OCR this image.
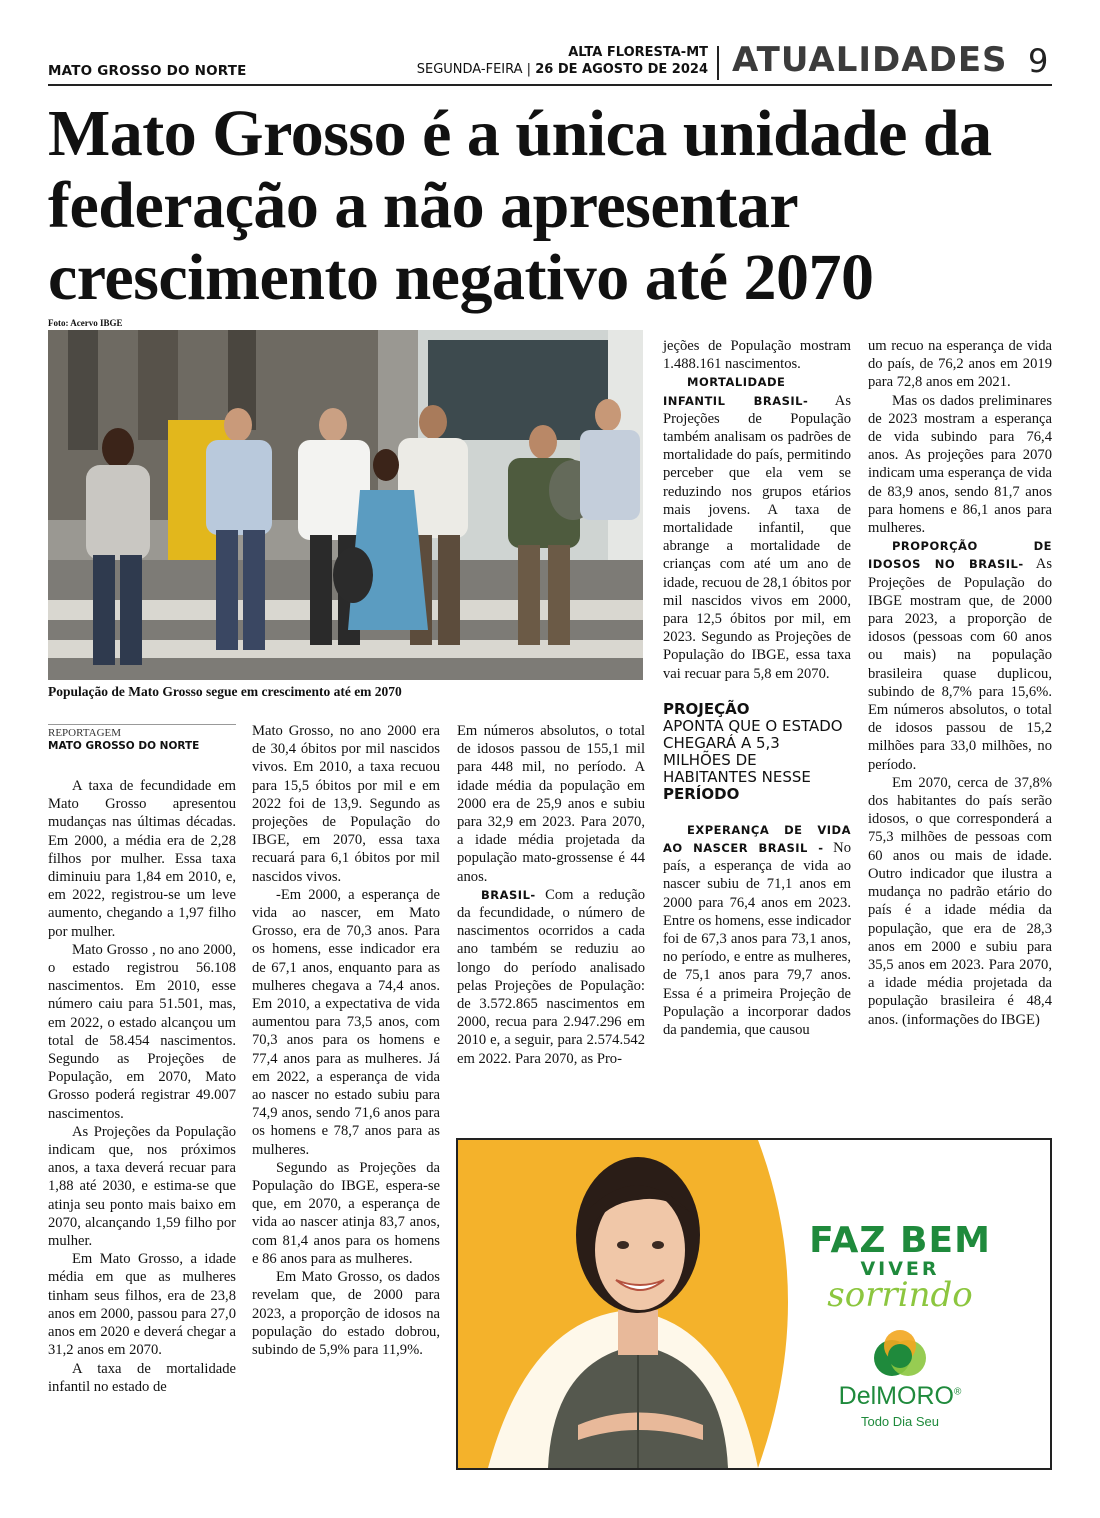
MATO GROSSO DO NORTE
ALTA FLORESTA-MT
SEGUNDA-FEIRA | 26 DE AGOSTO DE 2024 ATUALIDADES 9
Mato Grosso é a única unidade da federação a não apresentar crescimento negativo até 2070
Foto: Acervo IBGE
População de Mato Grosso segue em crescimento até em 2070
REPORTAGEM
MATO GROSSO DO NORTE

A taxa de fecundidade em Mato Grosso apresentou mudanças nas últimas décadas. Em 2000, a média era de 2,28 filhos por mulher. Essa taxa diminuiu para 1,84 em 2010, e, em 2022, registrou-se um leve aumento, chegando a 1,97 filho por mulher.

Mato Grosso , no ano 2000, o estado registrou 56.108 nascimentos. Em 2010, esse número caiu para 51.501, mas, em 2022, o estado alcançou um total de 58.454 nascimentos. Segundo as Projeções de População, em 2070, Mato Grosso poderá registrar 49.007 nascimentos.

As Projeções da População indicam que, nos próximos anos, a taxa deverá recuar para 1,88 até 2030, e estima-se que atinja seu ponto mais baixo em 2070, alcançando 1,59 filho por mulher.

Em Mato Grosso, a idade média em que as mulheres tinham seus filhos, era de 23,8 anos em 2000, passou para 27,0 anos em 2020 e deverá chegar a 31,2 anos em 2070.

A taxa de mortalidade infantil no estado de

Mato Grosso, no ano 2000 era de 30,4 óbitos por mil nascidos vivos. Em 2010, a taxa recuou para 15,5 óbitos por mil e em 2022 foi de 13,9. Segundo as projeções de População do IBGE, em 2070, essa taxa recuará para 6,1 óbitos por mil nascidos vivos.

-Em 2000, a esperança de vida ao nascer, em Mato Grosso, era de 70,3 anos. Para os homens, esse indicador era de 67,1 anos, enquanto para as mulheres chegava a 74,4 anos. Em 2010, a expectativa de vida aumentou para 73,5 anos, com 70,3 anos para os homens e 77,4 anos para as mulheres. Já em 2022, a esperança de vida ao nascer no estado subiu para 74,9 anos, sendo 71,6 anos para os homens e 78,7 anos para as mulheres.

Segundo as Projeções da População do IBGE, espera-se que, em 2070, a esperança de vida ao nascer atinja 83,7 anos, com 81,4 anos para os homens e 86 anos para as mulheres.

Em Mato Grosso, os dados revelam que, de 2000 para 2023, a proporção de idosos na população do estado dobrou, subindo de 5,9% para 11,9%.

Em números absolutos, o total de idosos passou de 155,1 mil para 448 mil, no período. A idade média da população em 2000 era de 25,9 anos e subiu para 32,9 em 2023. Para 2070, a idade média projetada da população mato-grossense é 44 anos.

BRASIL- Com a redução da fecundidade, o número de nascimentos ocorridos a cada ano também se reduziu ao longo do período analisado pelas Projeções de População: de 3.572.865 nascimentos em 2000, recua para 2.947.296 em 2010 e, a seguir, para 2.574.542 em 2022. Para 2070, as Pro-

jeções de População mostram 1.488.161 nascimentos.

MORTALIDADE INFANTIL BRASIL- As Projeções de População também analisam os padrões de mortalidade do país, permitindo perceber que ela vem se reduzindo nos grupos etários mais jovens. A taxa de mortalidade infantil, que abrange a mortalidade de crianças com até um ano de idade, recuou de 28,1 óbitos por mil nascidos vivos em 2000, para 12,5 óbitos por mil, em 2023. Segundo as Projeções de População do IBGE, essa taxa vai recuar para 5,8 em 2070.

PROJEÇÃO
APONTA QUE O ESTADO CHEGARÁ A 5,3 MILHÕES DE HABITANTES NESSE
PERÍODO

EXPERANÇA DE VIDA AO NASCER BRASIL - No país, a esperança de vida ao nascer subiu de 71,1 anos em 2000 para 76,4 anos em 2023. Entre os homens, esse indicador foi de 67,3 anos para 73,1 anos, no período, e entre as mulheres, de 75,1 anos para 79,7 anos. Essa é a primeira Projeção de População a incorporar dados da pandemia, que causou

um recuo na esperança de vida do país, de 76,2 anos em 2019 para 72,8 anos em 2021.

Mas os dados preliminares de 2023 mostram a esperança de vida subindo para 76,4 anos. As projeções para 2070 indicam uma esperança de vida de 83,9 anos, sendo 81,7 anos para homens e 86,1 anos para mulheres.

PROPORÇÃO DE IDOSOS NO BRASIL- As Projeções de População do IBGE mostram que, de 2000 para 2023, a proporção de idosos (pessoas com 60 anos ou mais) na população brasileira quase duplicou, subindo de 8,7% para 15,6%. Em números absolutos, o total de idosos passou de 15,2 milhões para 33,0 milhões, no período.

Em 2070, cerca de 37,8% dos habitantes do país serão idosos, o que corresponderá a 75,3 milhões de pessoas com 60 anos ou mais de idade. Outro indicador que ilustra a mudança no padrão etário do país é a idade média da população, que era de 28,3 anos em 2000 e subiu para 35,5 anos em 2023. Para 2070, a idade média projetada da população brasileira é 48,4 anos. (informações do IBGE)

FAZ BEM
VIVER
sorrindo
DelMORO®
Todo Dia Seu
